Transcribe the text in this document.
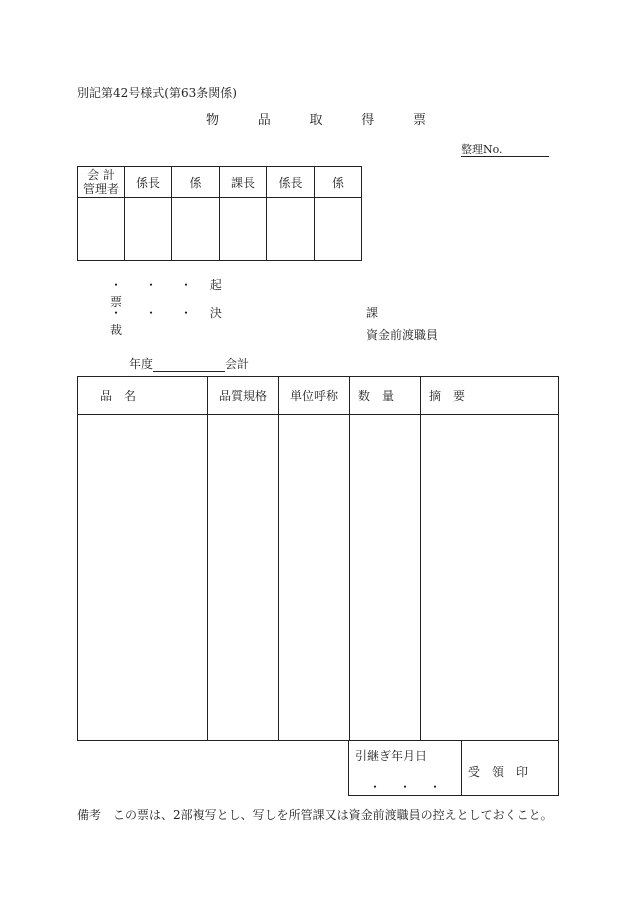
別記第42号様式(第63条関係)
物	品	取	得	票
整理No.
会 計
管理者	係長	係	課長	係長	係

・ ・ ・ 起票
・ ・ ・ 決裁
課
資金前渡職員
年度	会計
品　名	品質規格	単位呼称	数　量	摘　要

引継ぎ年月日
・ ・ ・

受　領　印
備考　この票は、2部複写とし、写しを所管課又は資金前渡職員の控えとしておくこと。
